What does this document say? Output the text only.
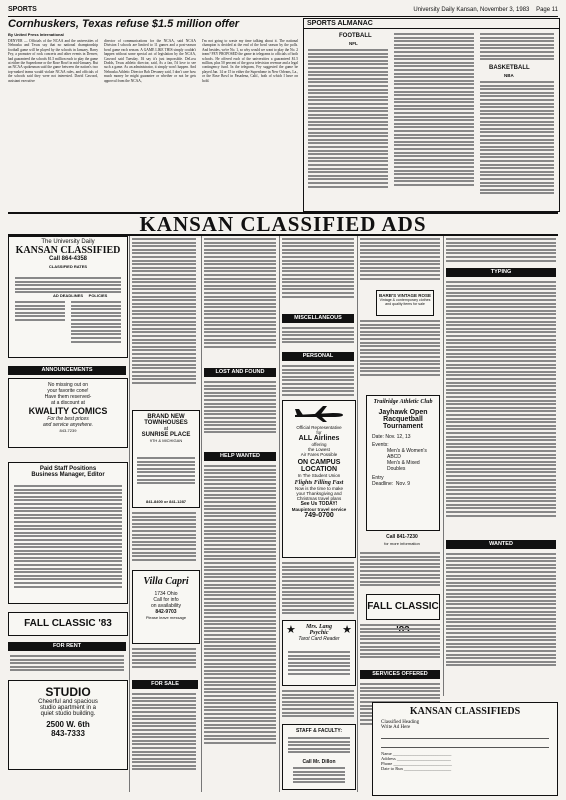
SPORTS	University Daily Kansan, November 3, 1983 Page 11
Cornhuskers, Texas refuse $1.5 million offer
By United Press International
DENVER — Officials of the NCAA and the universities of Nebraska and Texas say that no national championship football game will be played by the schools in January. Barry Fey, a promoter of rock concerts and other events in Denver, had guaranteed the schools $1.5 million each to play the game at either the Superdome or the Rose Bowl in mid-January. But an NCAA spokesman said the game between the nation's two top-ranked teams would violate NCAA rules, and officials of the schools said they were not interested. David Cawood, assistant executive
director of communications for the NCAA, said NCAA Division I schools are limited to 11 games and a post-season bowl game each season. A GAME LIKE THIS simply couldn't happen without some special act of legislation by the NCAA, Cawood said Tuesday. I'd say it's just impossible. DeLoss Dodds, Texas athletic director, said, As a fan, I'd love to see such a game. As an administrator, it simply won't happen. And Nebraska Athletic Director Bob Devaney said, I don't care how much money he might guarantee or whether or not he gets approval from the NCAA,
I'm not going to waste my time talking about it. The national champion is decided at the end of the bowl season by the polls. And besides, we're No. 1, so why would we want to play the No. 2 team? FEY PROPOSED the game in telegrams to officials of both schools. He offered each of the universities a guaranteed $1.5 million, plus 50 percent of the gross television revenue and a legal contingency fund. In the telegram, Fey suggested the game be played Jan. 14 or 15 in either the Superdome in New Orleans, La., or the Rose Bowl in Pasadena, Calif., both of which I have on hold.
SPORTS ALMANAC
FOOTBALL
NFL
BASKETBALL
NBA
KANSAN CLASSIFIED ADS
The University Daily
KANSAN CLASSIFIED
Call 864-4358
CLASSIFIED RATES
AD DEADLINES	POLICIES
ANNOUNCEMENTS
No missing out on
your favorite cone!
Have them reserved-
at a discount at
KWALITY COMICS
For the best prices
and service anywhere.
843-7239
Paid Staff Positions
Business Manager, Editor
FALL CLASSIC '83
FOR RENT
STUDIO
Cheerful and spacious
studio apartment in a
quiet studio building.
2500 W. 6th
843-7333
BRAND NEW
TOWNHOUSES
at
SUNRISE PLACE
9TH & MICHIGAN
841-8400 or 841-1287
Villa Capri
1734 Ohio
Call for info
on availability
842-9703
Please leave message
FOR SALE
LOST AND FOUND
HELP WANTED
MISCELLANEOUS
PERSONAL
Official Representative
for
ALL Airlines
offering
the Lowest
Air Fares Possible
ON CAMPUS
LOCATION
In The Student Union
Flights Filling Fast
Now is the time to make
your Thanksgiving and
Christmas travel plans
See Us TODAY!
Maupintour travel service
749-0700
★	★
Mrs. Lang
Psychic
Tarot Card Reader
STAFF & FACULTY:
Call Mr. Dillon
BARB'S VINTAGE ROSE
Vintage & contemporary clothes
and quality items for sale
Trailridge Athletic Club
Jayhawk Open
Racquetball
Tournament
Date: Nov. 12, 13
Events:
Men's & Women's
ABCD
Men's & Mixed
Doubles
Entry
Deadline: Nov. 9
Call 841-7230
for more information
FALL CLASSIC
SERVICES OFFERED
TYPING
WANTED
KANSAN CLASSIFIEDS
Classified Heading
Write Ad Here
Name __________________________
Address ________________________
Phone __________________________
Date to Run _____________________
